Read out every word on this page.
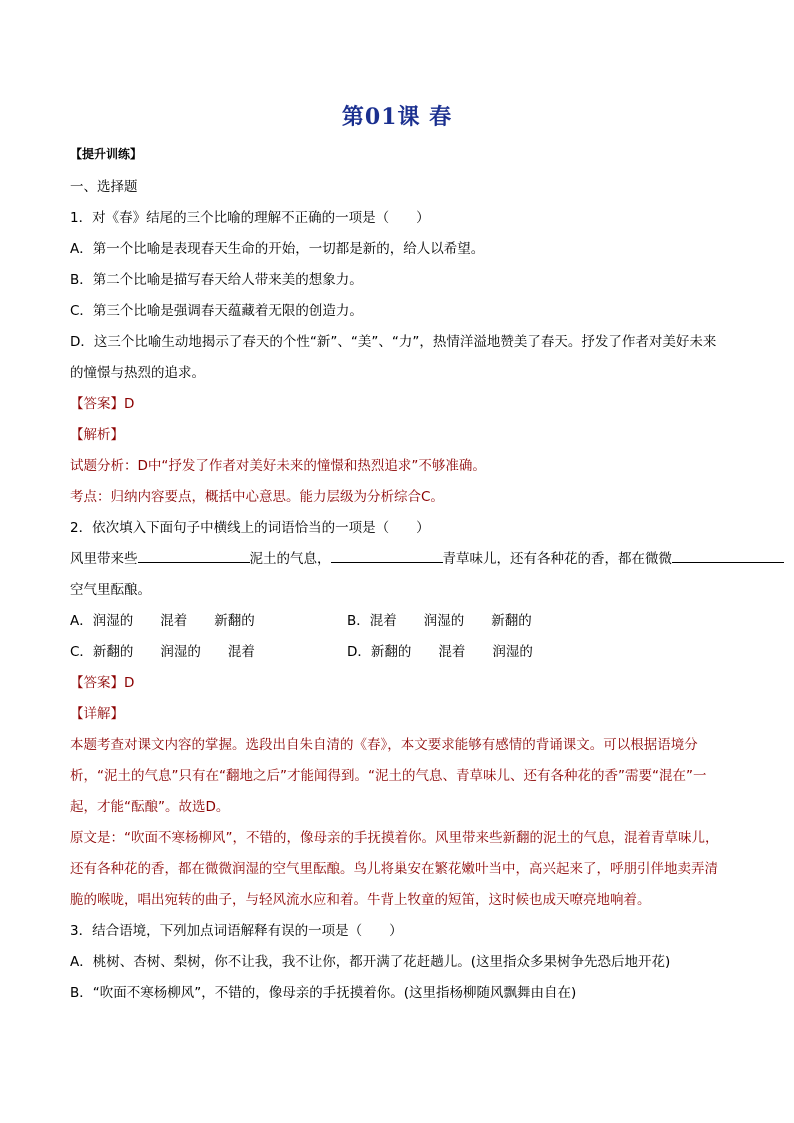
第01课 春

【提升训练】

一、选择题

1．对《春》结尾的三个比喻的理解不正确的一项是（　　）

A．第一个比喻是表现春天生命的开始，一切都是新的，给人以希望。

B．第二个比喻是描写春天给人带来美的想象力。

C．第三个比喻是强调春天蕴藏着无限的创造力。

D．这三个比喻生动地揭示了春天的个性“新”、“美”、“力”，热情洋溢地赞美了春天。抒发了作者对美好未来的憧憬与热烈的追求。

【答案】D

【解析】

试题分析：D中“抒发了作者对美好未来的憧憬和热烈追求”不够准确。

考点：归纳内容要点，概括中心意思。能力层级为分析综合C。

2．依次填入下面句子中横线上的词语恰当的一项是（　　）

风里带来些	泥土的气息，	青草味儿，还有各种花的香，都在微微

空气里酝酿。

A．润湿的　　混着　　新翻的	B．混着　　润湿的　　新翻的
C．新翻的　　润湿的　　混着	D．新翻的　　混着　　润湿的

【答案】D

【详解】

本题考查对课文内容的掌握。选段出自朱自清的《春》，本文要求能够有感情的背诵课文。可以根据语境分析，“泥土的气息”只有在“翻地之后”才能闻得到。“泥土的气息、青草味儿、还有各种花的香”需要“混在”一起，才能“酝酿”。故选D。

原文是：“吹面不寒杨柳风”，不错的，像母亲的手抚摸着你。风里带来些新翻的泥土的气息，混着青草味儿，还有各种花的香，都在微微润湿的空气里酝酿。鸟儿将巢安在繁花嫩叶当中，高兴起来了，呼朋引伴地卖弄清脆的喉咙，唱出宛转的曲子，与轻风流水应和着。牛背上牧童的短笛，这时候也成天嘹亮地响着。

3．结合语境，下列加点词语解释有误的一项是（　　）

A．桃树、杏树、梨树，你不让我，我不让你，都开满了花赶趟儿。(这里指众多果树争先恐后地开花)

B．“吹面不寒杨柳风”，不错的，像母亲的手抚摸着你。(这里指杨柳随风飘舞由自在)
